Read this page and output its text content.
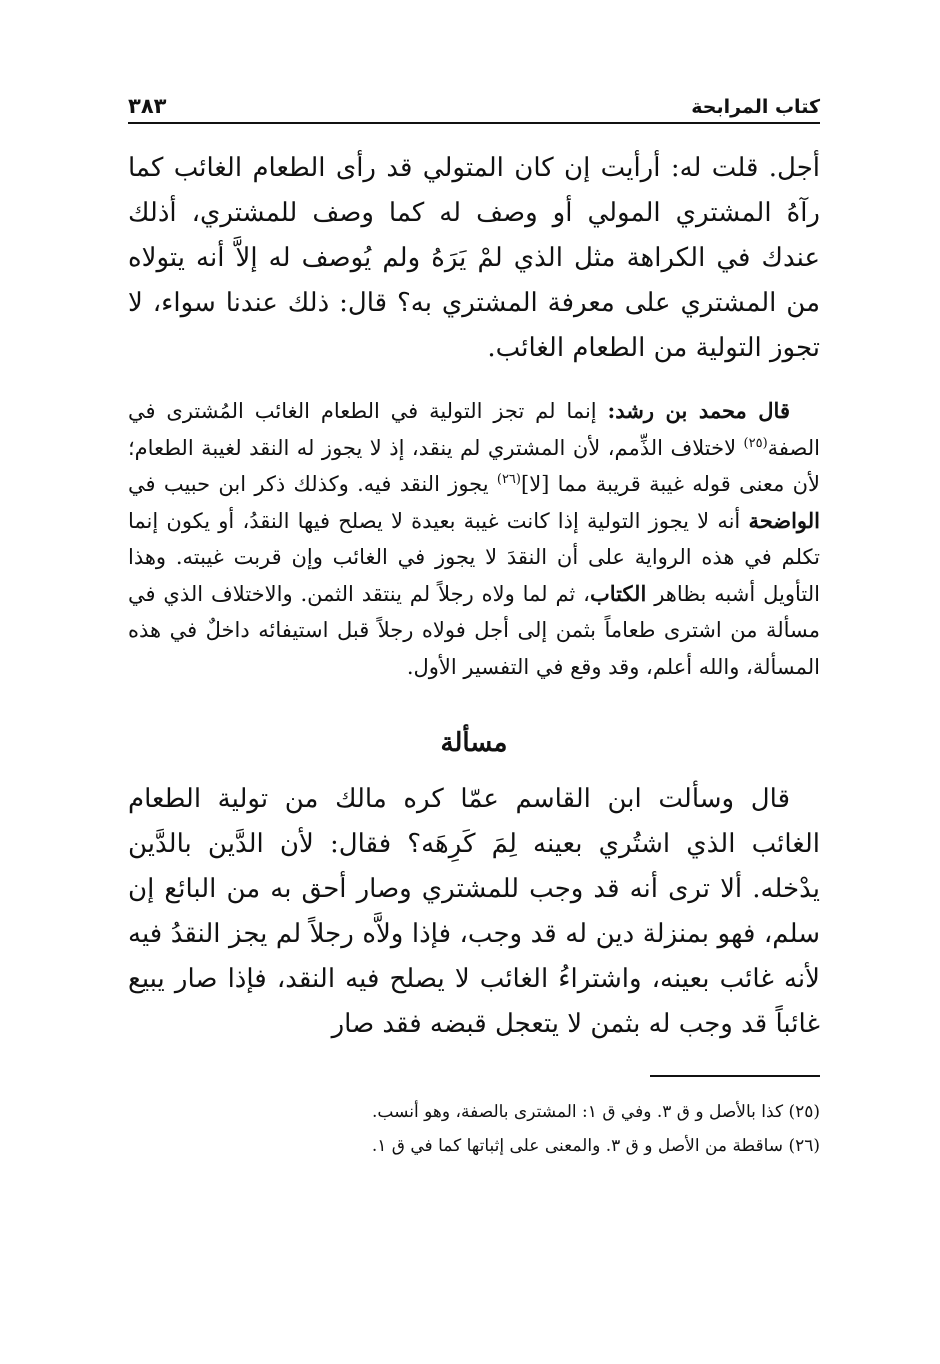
كتاب المرابحة
٣٨٣

أجل. قلت له: أرأيت إن كان المتولي قد رأى الطعام الغائب كما رآهُ المشتري المولي أو وصف له كما وصف للمشتري، أذلك عندك في الكراهة مثل الذي لمْ يَرَهُ ولم يُوصف له إلاَّ أنه يتولاه من المشتري على معرفة المشتري به؟ قال: ذلك عندنا سواء، لا تجوز التولية من الطعام الغائب.

قال محمد بن رشد: إنما لم تجز التولية في الطعام الغائب المُشترى في الصفة$^{(٢٥)}$ لاختلاف الذِّمم، لأن المشتري لم ينقد، إذ لا يجوز له النقد لغيبة الطعام؛ لأن معنى قوله غيبة قريبة مما [لا]$^{(٢٦)}$ يجوز النقد فيه. وكذلك ذكر ابن حبيب في الواضحة أنه لا يجوز التولية إذا كانت غيبة بعيدة لا يصلح فيها النقدُ، أو يكون إنما تكلم في هذه الرواية على أن النقدَ لا يجوز في الغائب وإن قربت غيبته. وهذا التأويل أشبه بظاهر الكتاب، ثم لما ولاه رجلاً لم ينتقد الثمن. والاختلاف الذي في مسألة من اشترى طعاماً بثمن إلى أجل فولاه رجلاً قبل استيفائه داخلٌ في هذه المسألة، والله أعلم، وقد وقع في التفسير الأول.

مسألة

قال وسألت ابن القاسم عمّا كره مالك من تولية الطعام الغائب الذي اشتُري بعينه لِمَ كَرِهَه؟ فقال: لأن الدَّين بالدَّين يدْخله. ألا ترى أنه قد وجب للمشتري وصار أحق به من البائع إن سلم، فهو بمنزلة دين له قد وجب، فإذا ولاَّه رجلاً لم يجز النقدُ فيه لأنه غائب بعينه، واشتراءُ الغائب لا يصلح فيه النقد، فإذا صار يبيع غائباً قد وجب له بثمن لا يتعجل قبضه فقد صار

(٢٥) كذا بالأصل و ق ٣. وفي ق ١: المشترى بالصفة، وهو أنسب.

(٢٦) ساقطة من الأصل و ق ٣. والمعنى على إثباتها كما في ق ١.
